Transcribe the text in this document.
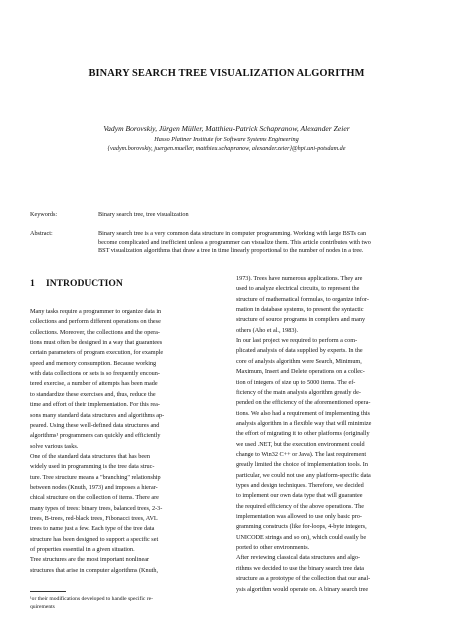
BINARY SEARCH TREE VISUALIZATION ALGORITHM
Vadym Borovskiy, Jürgen Müller, Matthieu-Patrick Schapranow, Alexander Zeier
Hasso Plattner Institute for Software Systems Engineering
{vadym.borovskiy, juergen.mueller, matthieu.schapranow, alexander.zeier}@hpi.uni-potsdam.de
Keywords:	Binary search tree, tree visualization
Abstract:	Binary search tree is a very common data structure in computer programming. Working with large BSTs can
become complicated and inefficient unless a programmer can visualize them. This article contributes with two
BST visualization algorithms that draw a tree in time linearly proportional to the number of nodes in a tree.
1 INTRODUCTION
Many tasks require a programmer to organize data in
collections and perform different operations on these
collections. Moreover, the collections and the opera-
tions must often be designed in a way that guarantees
certain parameters of program execution, for example
speed and memory consumption. Because working
with data collections or sets is so frequently encoun-
tered exercise, a number of attempts has been made
to standardize these exercises and, thus, reduce the
time and effort of their implementation. For this rea-
sons many standard data structures and algorithms ap-
peared. Using these well-defined data structures and
algorithms¹ programmers can quickly and efficiently
solve various tasks.
One of the standard data structures that has been
widely used in programming is the tree data struc-
ture. Tree structure means a "branching" relationship
between nodes (Knuth, 1973) and imposes a hierar-
chical structure on the collection of items. There are
many types of trees: binary trees, balanced trees, 2-3-
trees, B-trees, red-black trees, Fibonacci trees, AVL
trees to name just a few. Each type of the tree data
structure has been designed to support a specific set
of properties essential in a given situation.
Tree structures are the most important nonlinear
structures that arise in computer algorithms (Knuth,
1973). Trees have numerous applications. They are
used to analyze electrical circuits, to represent the
structure of mathematical formulas, to organize infor-
mation in database systems, to present the syntactic
structure of source programs in compilers and many
others (Aho et al., 1983).
In our last project we required to perform a com-
plicated analysis of data supplied by experts. In the
core of analysis algorithm were Search, Minimum,
Maximum, Insert and Delete operations on a collec-
tion of integers of size up to 5000 items. The ef-
ficiency of the main analysis algorithm greatly de-
pended on the efficiency of the aforementioned opera-
tions. We also had a requirement of implementing this
analysis algorithm in a flexible way that will minimize
the effort of migrating it to other platforms (originally
we used .NET, but the execution environment could
change to Win32 C++ or Java). The last requirement
greatly limited the choice of implementation tools. In
particular, we could not use any platform-specific data
types and design techniques. Therefore, we decided
to implement our own data type that will guarantee
the required efficiency of the above operations. The
implementation was allowed to use only basic pro-
gramming constructs (like for-loops, 4-byte integers,
UNICODE strings and so on), which could easily be
ported to other environments.
After reviewing classical data structures and algo-
rithms we decided to use the binary search tree data
structure as a prototype of the collection that our anal-
ysis algorithm would operate on. A binary search tree
¹or their modifications developed to handle specific re-
quirements
